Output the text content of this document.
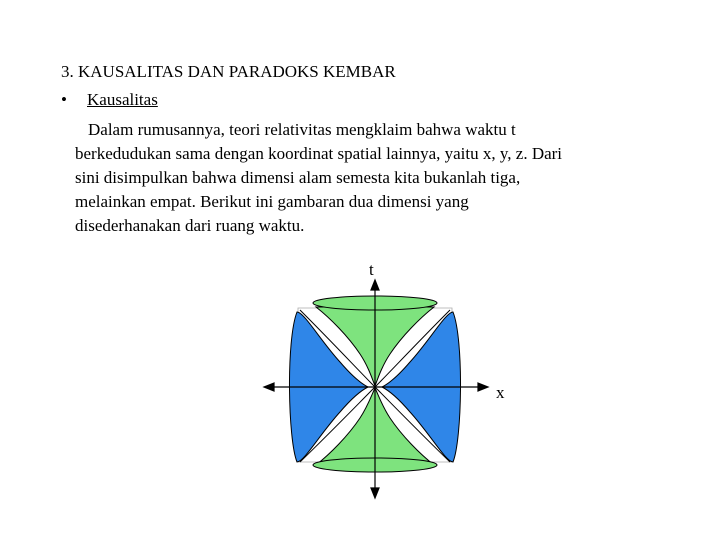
3. KAUSALITAS DAN PARADOKS KEMBAR
• Kausalitas
Dalam rumusannya, teori relativitas mengklaim bahwa waktu t
berkedudukan sama dengan koordinat spatial lainnya, yaitu x, y, z. Dari
sini disimpulkan bahwa dimensi alam semesta kita bukanlah tiga,
melainkan empat. Berikut ini gambaran dua dimensi yang
disederhanakan dari ruang waktu.
t
x
